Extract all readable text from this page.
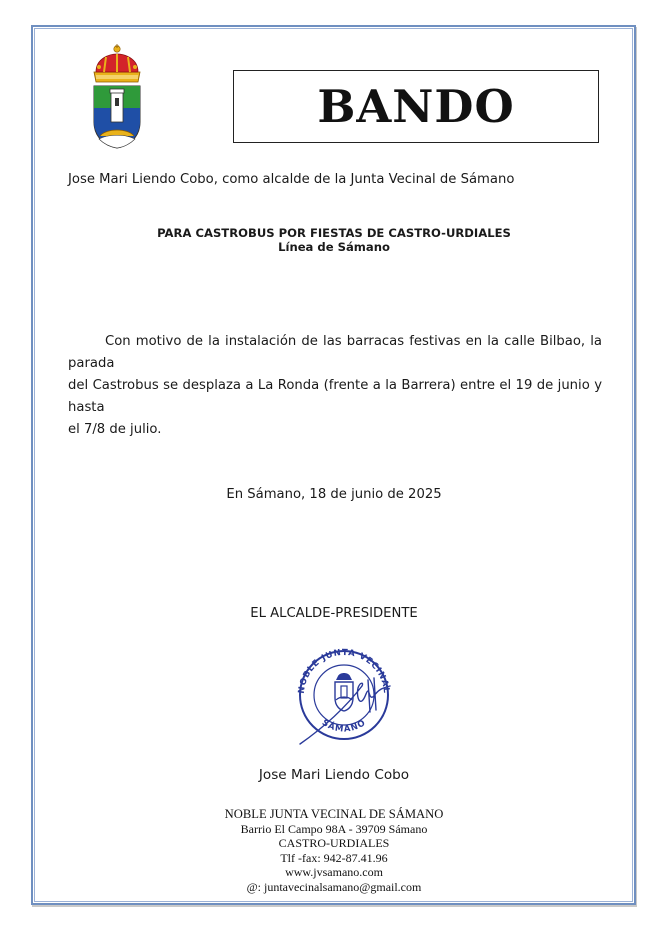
BANDO
Jose Mari Liendo Cobo, como alcalde de la Junta Vecinal de Sámano
PARA CASTROBUS POR FIESTAS DE CASTRO-URDIALES
Línea de Sámano
Con motivo de la instalación de las barracas festivas en la calle Bilbao, la parada
del Castrobus se desplaza a La Ronda (frente a la Barrera) entre el 19 de junio y hasta
el 7/8 de julio.
En Sámano, 18 de junio de 2025
EL ALCALDE-PRESIDENTE
NOBLE JUNTA VECINAL
SÁMANO
Jose Mari Liendo Cobo
NOBLE JUNTA VECINAL DE SÁMANO
Barrio El Campo 98A - 39709 Sámano
CASTRO-URDIALES
Tlf -fax: 942-87.41.96
www.jvsamano.com
@: juntavecinalsamano@gmail.com
